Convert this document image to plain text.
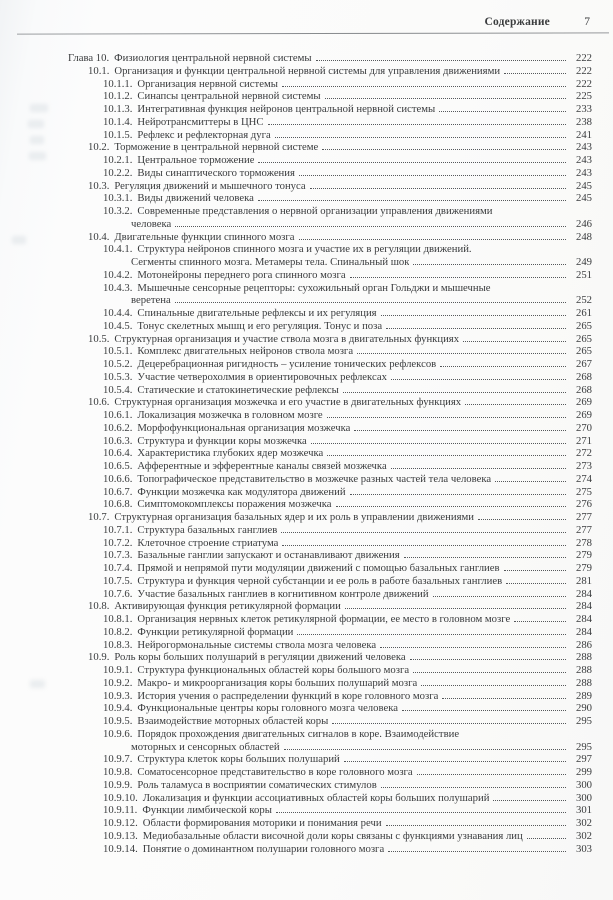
Содержание	7
Глава 10. Физиология центральной нервной системы	222
10.1. Организация и функции центральной нервной системы для управления движениями	222
10.1.1. Организация нервной системы	222
10.1.2. Синапсы центральной нервной системы	225
10.1.3. Интегративная функция нейронов центральной нервной системы	233
10.1.4. Нейротрансмиттеры в ЦНС	238
10.1.5. Рефлекс и рефлекторная дуга	241
10.2. Торможение в центральной нервной системе	243
10.2.1. Центральное торможение	243
10.2.2. Виды синаптического торможения	243
10.3. Регуляция движений и мышечного тонуса	245
10.3.1. Виды движений человека	245
10.3.2. Современные представления о нервной организации управления движениями
человека	246
10.4. Двигательные функции спинного мозга	248
10.4.1. Структура нейронов спинного мозга и участие их в регуляции движений.
Сегменты спинного мозга. Метамеры тела. Спинальный шок	249
10.4.2. Мотонейроны переднего рога спинного мозга	251
10.4.3. Мышечные сенсорные рецепторы: сухожильный орган Гольджи и мышечные
веретена	252
10.4.4. Спинальные двигательные рефлексы и их регуляция	261
10.4.5. Тонус скелетных мышц и его регуляция. Тонус и поза	265
10.5. Структурная организация и участие ствола мозга в двигательных функциях	265
10.5.1. Комплекс двигательных нейронов ствола мозга	265
10.5.2. Децеребрационная ригидность – усиление тонических рефлексов	267
10.5.3. Участие четверохолмия в ориентировочных рефлексах	268
10.5.4. Статические и статокинетические рефлексы	268
10.6. Структурная организация мозжечка и его участие в двигательных функциях	269
10.6.1. Локализация мозжечка в головном мозге	269
10.6.2. Морфофункциональная организация мозжечка	270
10.6.3. Структура и функции коры мозжечка	271
10.6.4. Характеристика глубоких ядер мозжечка	272
10.6.5. Афферентные и эфферентные каналы связей мозжечка	273
10.6.6. Топографическое представительство в мозжечке разных частей тела человека	274
10.6.7. Функции мозжечка как модулятора движений	275
10.6.8. Симптомокомплексы поражения мозжечка	276
10.7. Структурная организация базальных ядер и их роль в управлении движениями	277
10.7.1. Структура базальных ганглиев	277
10.7.2. Клеточное строение стриатума	278
10.7.3. Базальные ганглии запускают и останавливают движения	279
10.7.4. Прямой и непрямой пути модуляции движений с помощью базальных ганглиев	279
10.7.5. Структура и функция черной субстанции и ее роль в работе базальных ганглиев	281
10.7.6. Участие базальных ганглиев в когнитивном контроле движений	284
10.8. Активирующая функция ретикулярной формации	284
10.8.1. Организация нервных клеток ретикулярной формации, ее место в головном мозге	284
10.8.2. Функции ретикулярной формации	284
10.8.3. Нейрогормональные системы ствола мозга человека	286
10.9. Роль коры больших полушарий в регуляции движений человека	288
10.9.1. Структура функциональных областей коры большого мозга	288
10.9.2. Макро- и микроорганизация коры больших полушарий мозга	288
10.9.3. История учения о распределении функций в коре головного мозга	289
10.9.4. Функциональные центры коры головного мозга человека	290
10.9.5. Взаимодействие моторных областей коры	295
10.9.6. Порядок прохождения двигательных сигналов в коре. Взаимодействие
моторных и сенсорных областей	295
10.9.7. Структура клеток коры больших полушарий	297
10.9.8. Соматосенсорное представительство в коре головного мозга	299
10.9.9. Роль таламуса в восприятии соматических стимулов	300
10.9.10. Локализация и функции ассоциативных областей коры больших полушарий	300
10.9.11. Функции лимбической коры	301
10.9.12. Области формирования моторики и понимания речи	302
10.9.13. Медиобазальные области височной доли коры связаны с функциями узнавания лиц	302
10.9.14. Понятие о доминантном полушарии головного мозга	303
